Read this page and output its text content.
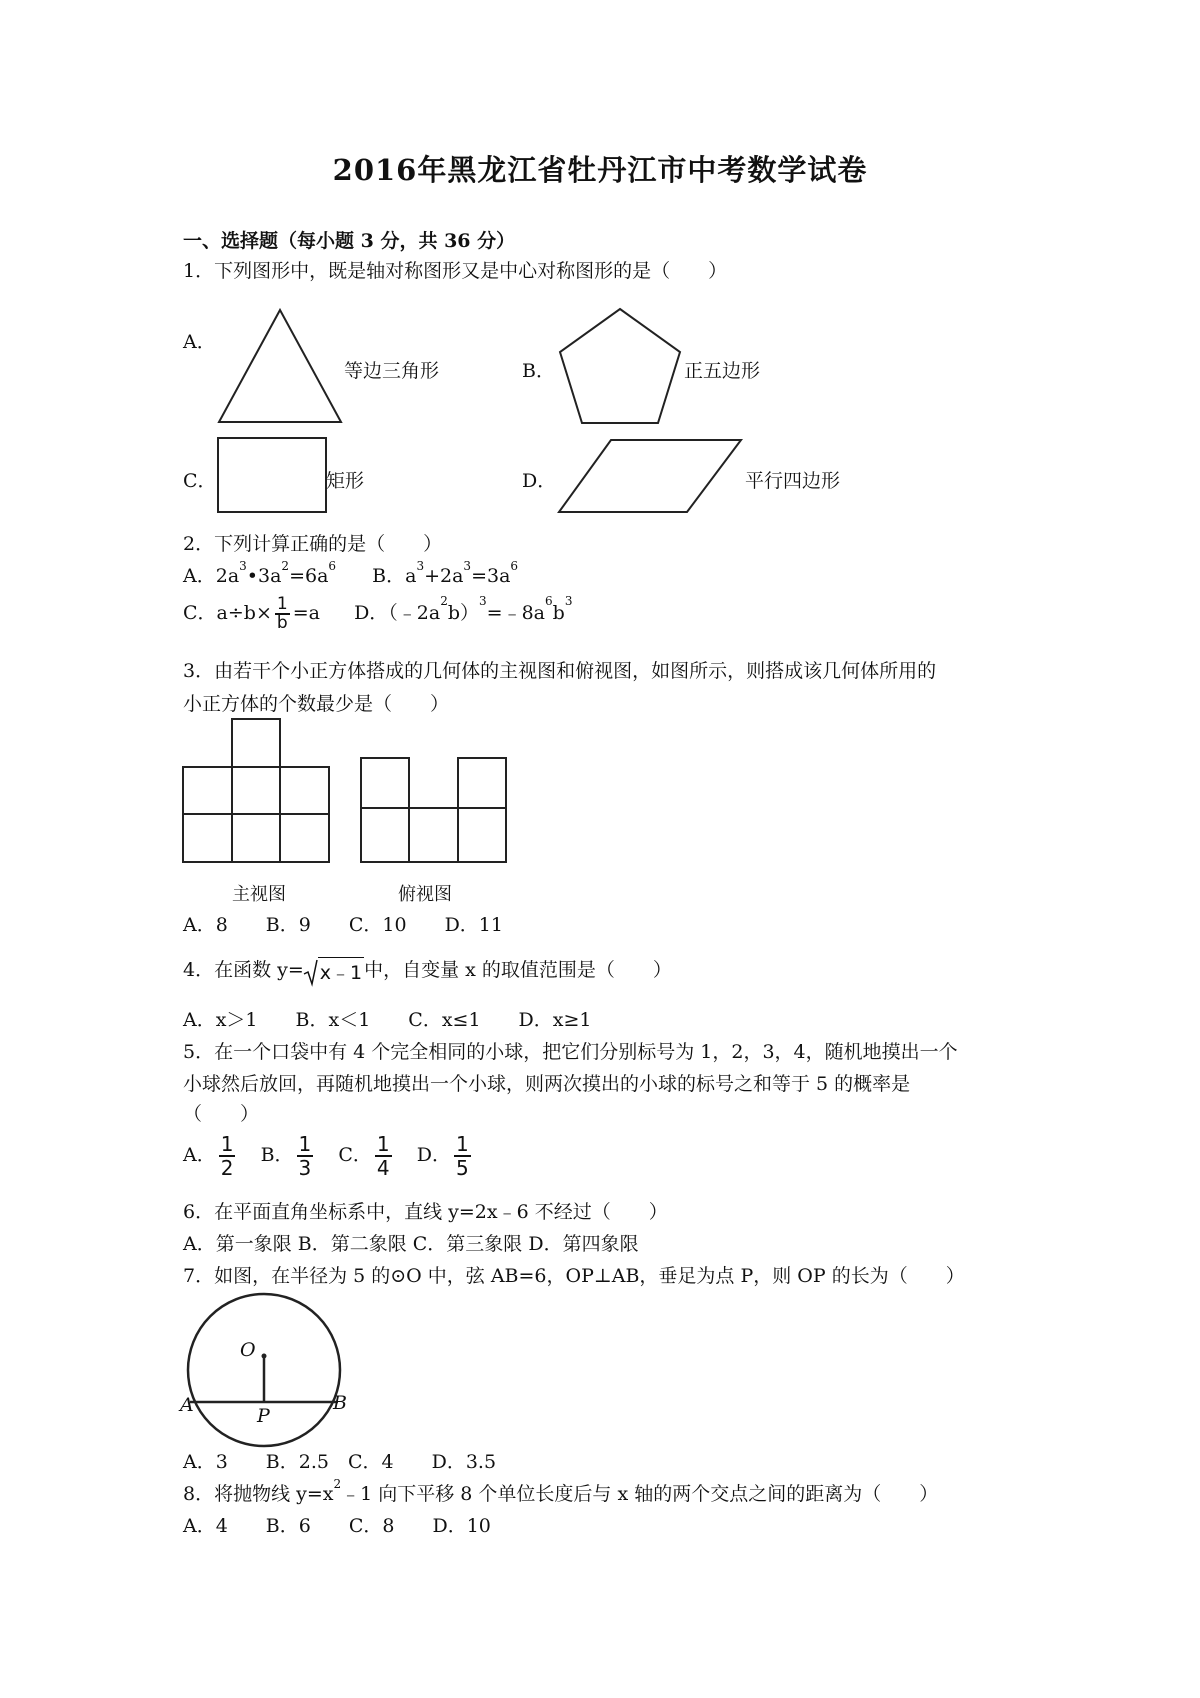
2016年黑龙江省牡丹江市中考数学试卷
一、选择题（每小题 3 分，共 36 分）
1．下列图形中，既是轴对称图形又是中心对称图形的是（　　）
A．
等边三角形	B．	正五边形
C．	矩形	D．	平行四边形
2．下列计算正确的是（　　）
A．$2a^3•3a^2=6a^6$ B．$a^3+2a^3=3a^6$
C．$a\div b\times \frac{1}{b} =a$ D．$(﹣2a^2b)^3=﹣8a^6b^3$
3．由若干个小正方体搭成的几何体的主视图和俯视图，如图所示，则搭成该几何体所用的
小正方体的个数最少是（　　）
主视图	俯视图
A．8　　B．9　　C．10　　D．11
4．在函数 y= x﹣1 中，自变量 x 的取值范围是（　　）
A．x＞1　　B．x＜1　　C．x≤1　　D．x≥1
5．在一个口袋中有 4 个完全相同的小球，把它们分别标号为 1，2，3，4，随机地摸出一个
小球然后放回，再随机地摸出一个小球，则两次摸出的小球的标号之和等于 5 的概率是
（　　）
A． $\frac{1}{2}$ B． $\frac{1}{3}$ C． $\frac{1}{4}$ D． $\frac{1}{5}$
6．在平面直角坐标系中，直线 y=2x﹣6 不经过（　　）
A．第一象限 B．第二象限 C．第三象限 D．第四象限
7．如图，在半径为 5 的⊙O 中，弦 AB=6，OP⊥AB，垂足为点 P，则 OP 的长为（　　）
O
A	B
P
A．3　　B．2.5　C．4　　D．3.5
8．将抛物线 $y=x^2﹣1$ 向下平移 8 个单位长度后与 x 轴的两个交点之间的距离为（　　）
A．4　　B．6　　C．8　　D．10
